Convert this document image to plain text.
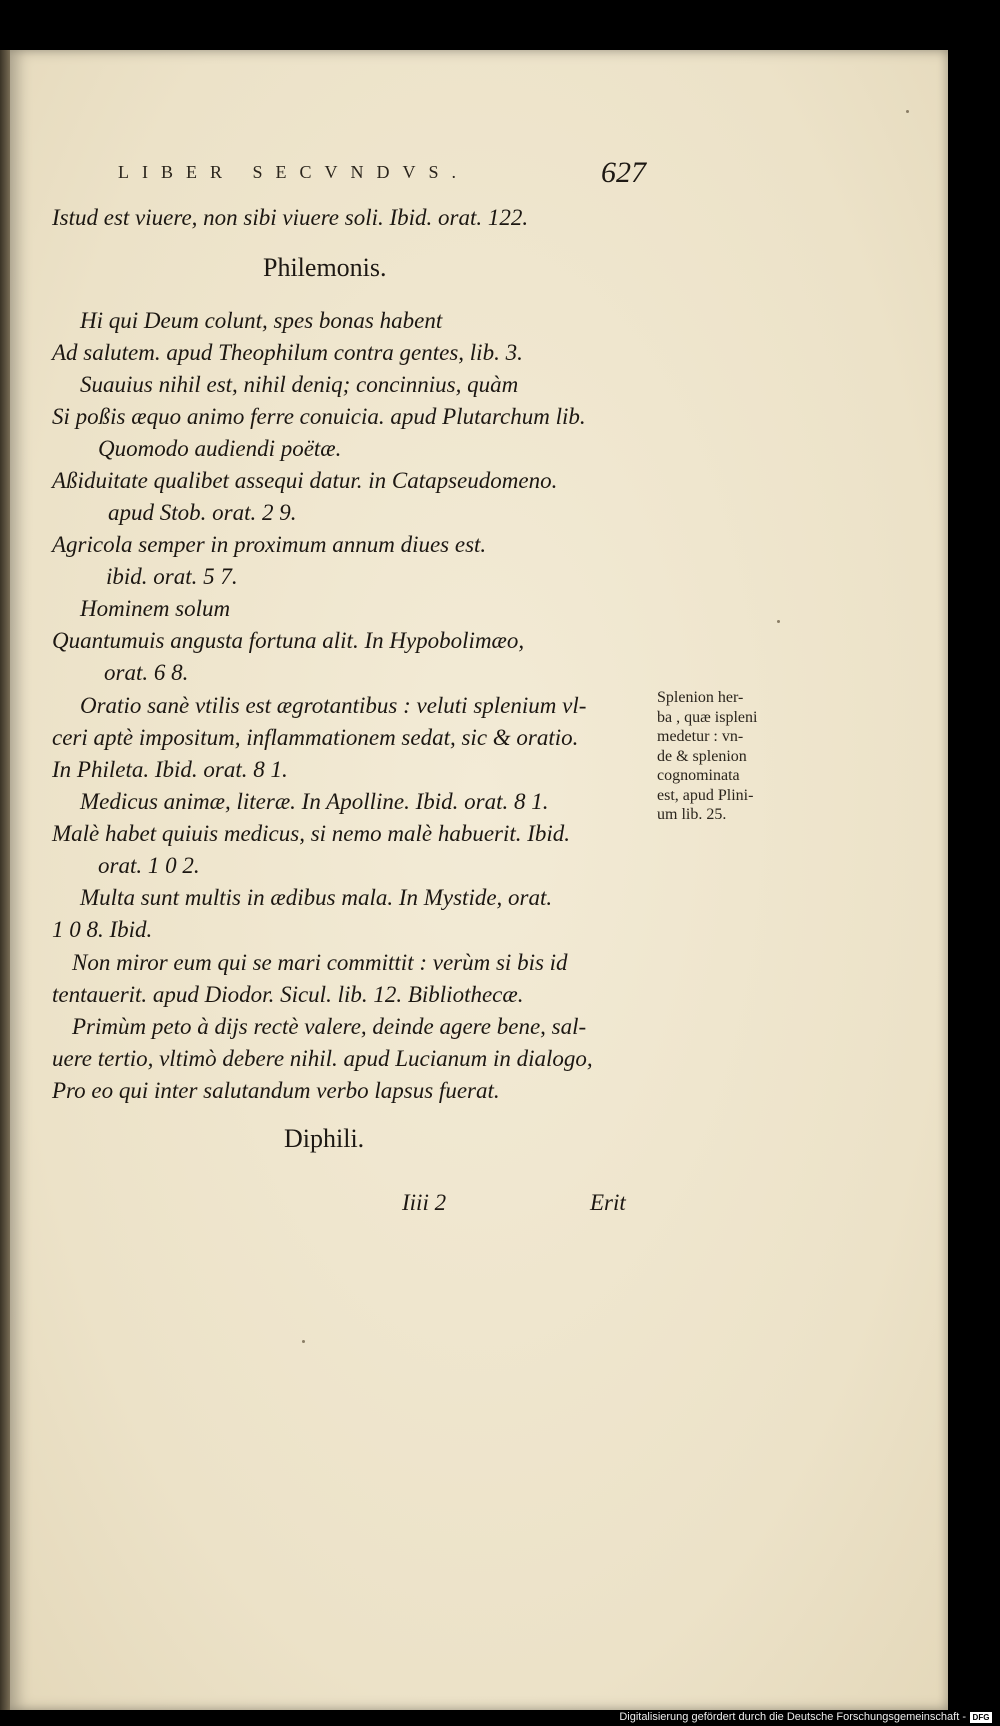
LIBER SECVNDVS.	627
Istud est viuere, non sibi viuere soli. Ibid. orat. 122.
Philemonis.
Hi qui Deum colunt, spes bonas habent
Ad salutem. apud Theophilum contra gentes, lib. 3.
Suauius nihil est, nihil deniq; concinnius, quàm
Si poßis æquo animo ferre conuicia. apud Plutarchum lib.
Quomodo audiendi poëtæ.
Aßiduitate qualibet assequi datur. in Catapseudomeno.
apud Stob. orat. 2 9.
Agricola semper in proximum annum diues est.
ibid. orat. 5 7.
Hominem solum
Quantumuis angusta fortuna alit. In Hypobolimæo,
orat. 6 8.
Oratio sanè vtilis est ægrotantibus : veluti splenium vl-
ceri aptè impositum, inflammationem sedat, sic & oratio.
In Phileta. Ibid. orat. 8 1.
Medicus animæ, literæ. In Apolline. Ibid. orat. 8 1.
Malè habet quiuis medicus, si nemo malè habuerit. Ibid.
orat. 1 0 2.
Multa sunt multis in ædibus mala. In Mystide, orat.
1 0 8. Ibid.
Non miror eum qui se mari committit : verùm si bis id
tentauerit. apud Diodor. Sicul. lib. 12. Bibliothecæ.
Primùm peto à dijs rectè valere, deinde agere bene, sal-
uere tertio, vltimò debere nihil. apud Lucianum in dialogo,
Pro eo qui inter salutandum verbo lapsus fuerat.
Diphili.
Iiii 2	Erit
Splenion her-
ba , quæ ispleni
medetur : vn-
de & splenion
cognominata
est, apud Plini-
um lib. 25.
Digitalisierung gefördert durch die Deutsche Forschungsgemeinschaft - DFG
